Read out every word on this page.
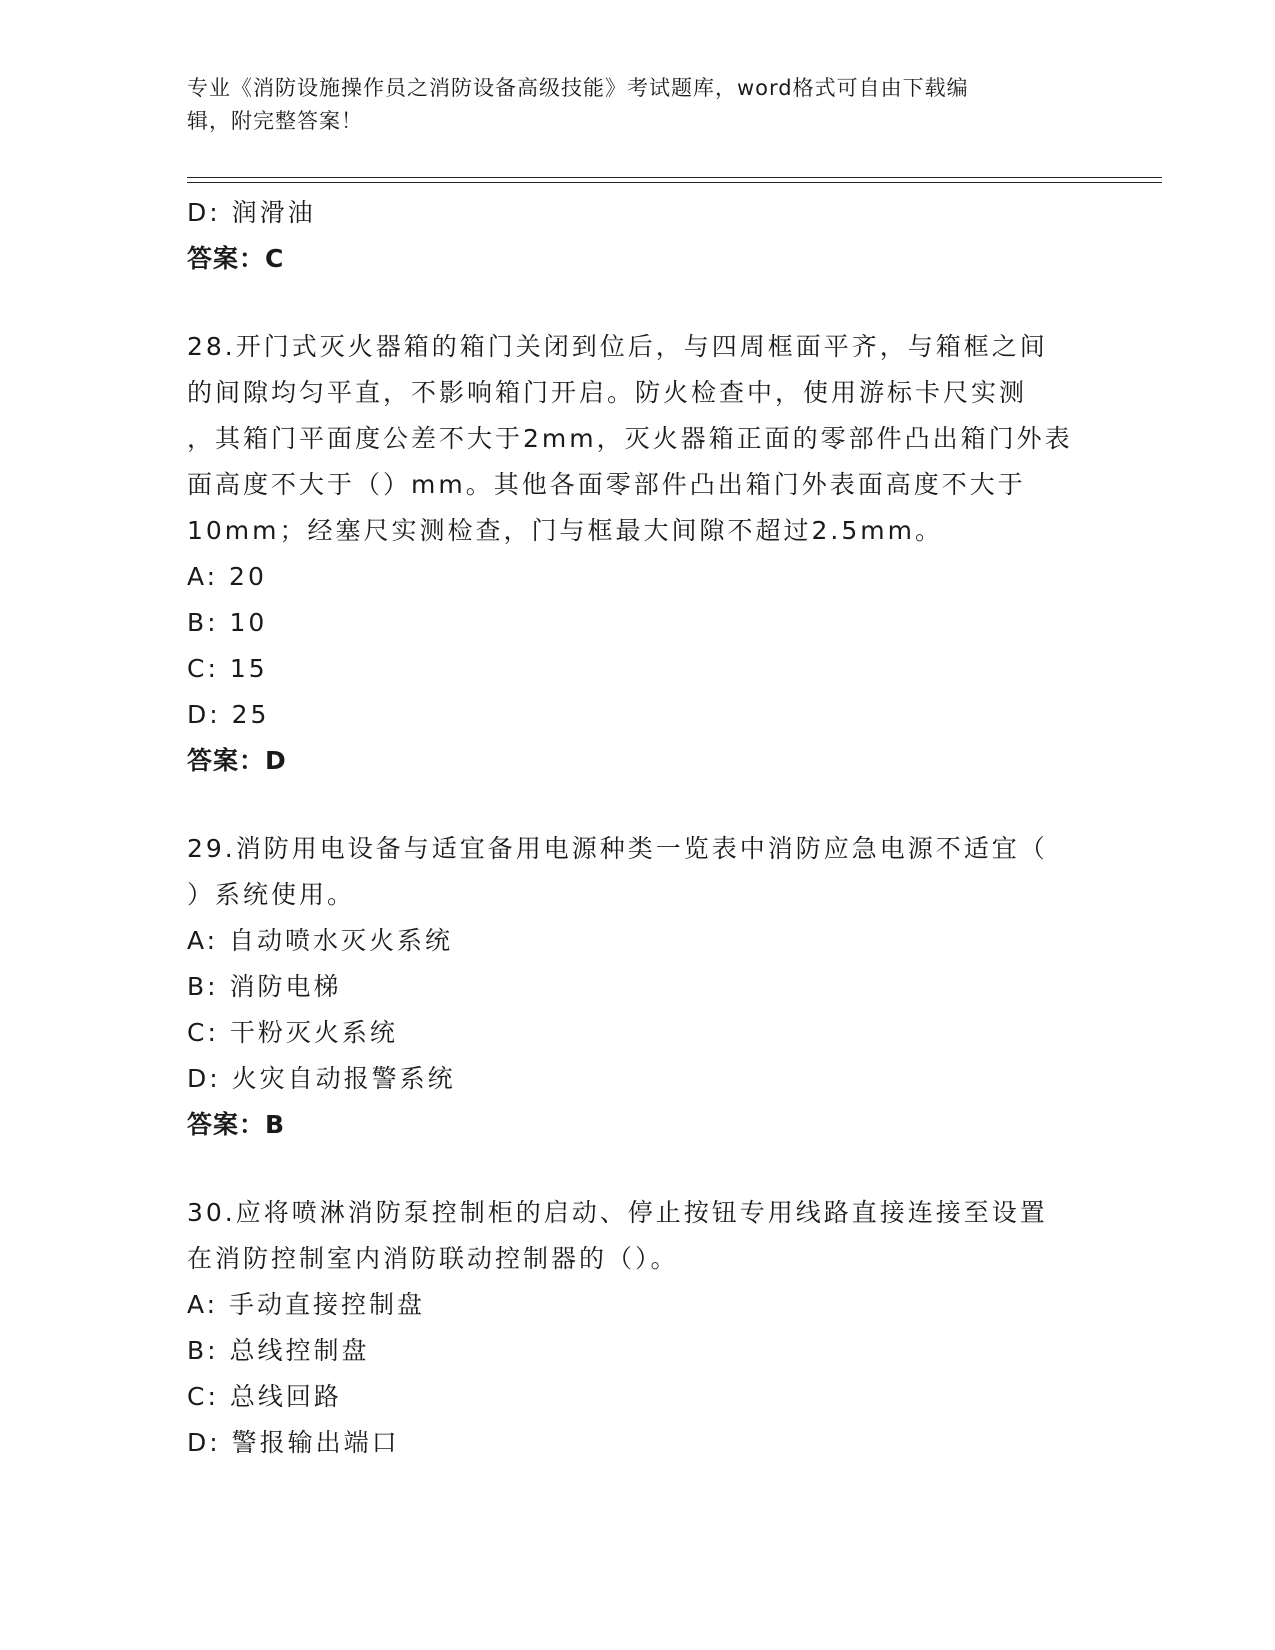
专业《消防设施操作员之消防设备高级技能》考试题库，word格式可自由下载编
辑，附完整答案！
D: 润滑油
答案：C
28.开门式灭火器箱的箱门关闭到位后，与四周框面平齐，与箱框之间
的间隙均匀平直，不影响箱门开启。防火检查中，使用游标卡尺实测
，其箱门平面度公差不大于2mm，灭火器箱正面的零部件凸出箱门外表
面高度不大于（）mm。其他各面零部件凸出箱门外表面高度不大于
10mm；经塞尺实测检查，门与框最大间隙不超过2.5mm。
A: 20
B: 10
C: 15
D: 25
答案：D
29.消防用电设备与适宜备用电源种类一览表中消防应急电源不适宜（
）系统使用。
A: 自动喷水灭火系统
B: 消防电梯
C: 干粉灭火系统
D: 火灾自动报警系统
答案：B
30.应将喷淋消防泵控制柜的启动、停止按钮专用线路直接连接至设置
在消防控制室内消防联动控制器的（）。
A: 手动直接控制盘
B: 总线控制盘
C: 总线回路
D: 警报输出端口
